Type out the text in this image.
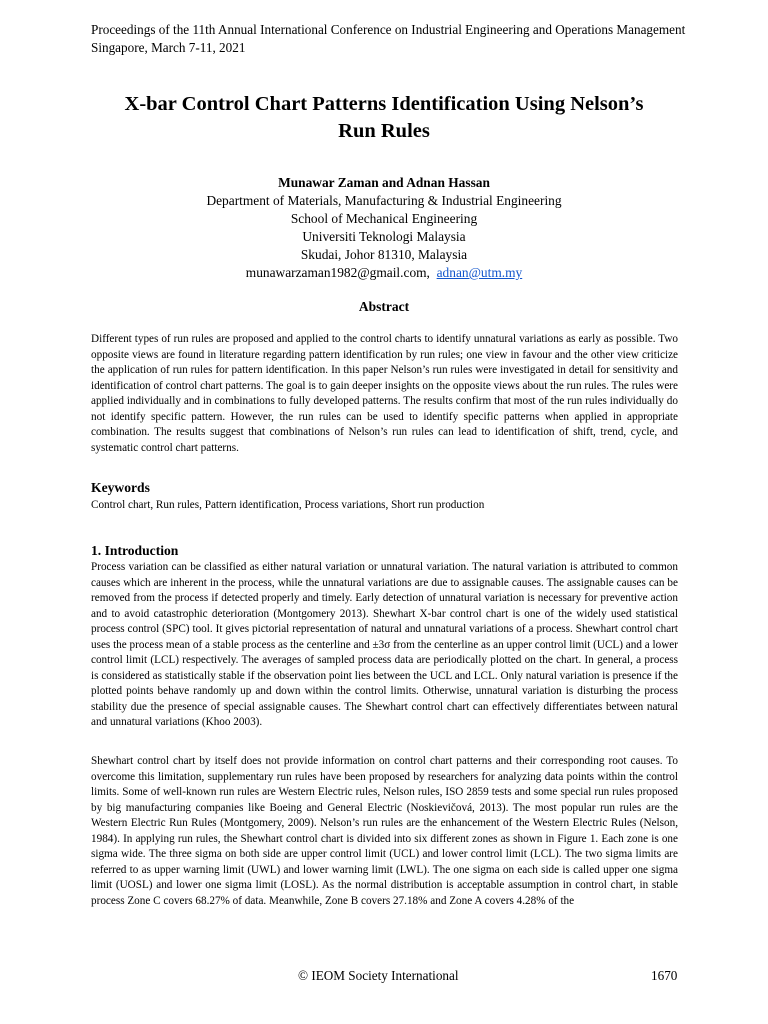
Proceedings of the 11th Annual International Conference on Industrial Engineering and Operations Management
Singapore, March 7-11, 2021
X-bar Control Chart Patterns Identification Using Nelson’s
Run Rules
Munawar Zaman and Adnan Hassan
Department of Materials, Manufacturing & Industrial Engineering
School of Mechanical Engineering
Universiti Teknologi Malaysia
Skudai, Johor 81310, Malaysia
munawarzaman1982@gmail.com, adnan@utm.my
Abstract

Different types of run rules are proposed and applied to the control charts to identify unnatural variations as early as possible. Two opposite views are found in literature regarding pattern identification by run rules; one view in favour and the other view criticize the application of run rules for pattern identification. In this paper Nelson’s run rules were investigated in detail for sensitivity and identification of control chart patterns. The goal is to gain deeper insights on the opposite views about the run rules. The rules were applied individually and in combinations to fully developed patterns. The results confirm that most of the run rules individually do not identify specific pattern. However, the run rules can be used to identify specific patterns when applied in appropriate combination. The results suggest that combinations of Nelson’s run rules can lead to identification of shift, trend, cycle, and systematic control chart patterns.

Keywords

Control chart, Run rules, Pattern identification, Process variations, Short run production

1. Introduction

Process variation can be classified as either natural variation or unnatural variation. The natural variation is attributed to common causes which are inherent in the process, while the unnatural variations are due to assignable causes. The assignable causes can be removed from the process if detected properly and timely. Early detection of unnatural variation is necessary for preventive action and to avoid catastrophic deterioration (Montgomery 2013). Shewhart X-bar control chart is one of the widely used statistical process control (SPC) tool. It gives pictorial representation of natural and unnatural variations of a process. Shewhart control chart uses the process mean of a stable process as the centerline and ±3σ from the centerline as an upper control limit (UCL) and a lower control limit (LCL) respectively. The averages of sampled process data are periodically plotted on the chart. In general, a process is considered as statistically stable if the observation point lies between the UCL and LCL. Only natural variation is presence if the plotted points behave randomly up and down within the control limits. Otherwise, unnatural variation is disturbing the process stability due the presence of special assignable causes. The Shewhart control chart can effectively differentiates between natural and unnatural variations (Khoo 2003).

Shewhart control chart by itself does not provide information on control chart patterns and their corresponding root causes. To overcome this limitation, supplementary run rules have been proposed by researchers for analyzing data points within the control limits. Some of well-known run rules are Western Electric rules, Nelson rules, ISO 2859 tests and some special run rules proposed by big manufacturing companies like Boeing and General Electric (Noskievičová, 2013). The most popular run rules are the Western Electric Run Rules (Montgomery, 2009). Nelson’s run rules are the enhancement of the Western Electric Rules (Nelson, 1984). In applying run rules, the Shewhart control chart is divided into six different zones as shown in Figure 1. Each zone is one sigma wide. The three sigma on both side are upper control limit (UCL) and lower control limit (LCL). The two sigma limits are referred to as upper warning limit (UWL) and lower warning limit (LWL). The one sigma on each side is called upper one sigma limit (UOSL) and lower one sigma limit (LOSL). As the normal distribution is acceptable assumption in control chart, in stable process Zone C covers 68.27% of data. Meanwhile, Zone B covers 27.18% and Zone A covers 4.28% of the

© IEOM Society International	1670
